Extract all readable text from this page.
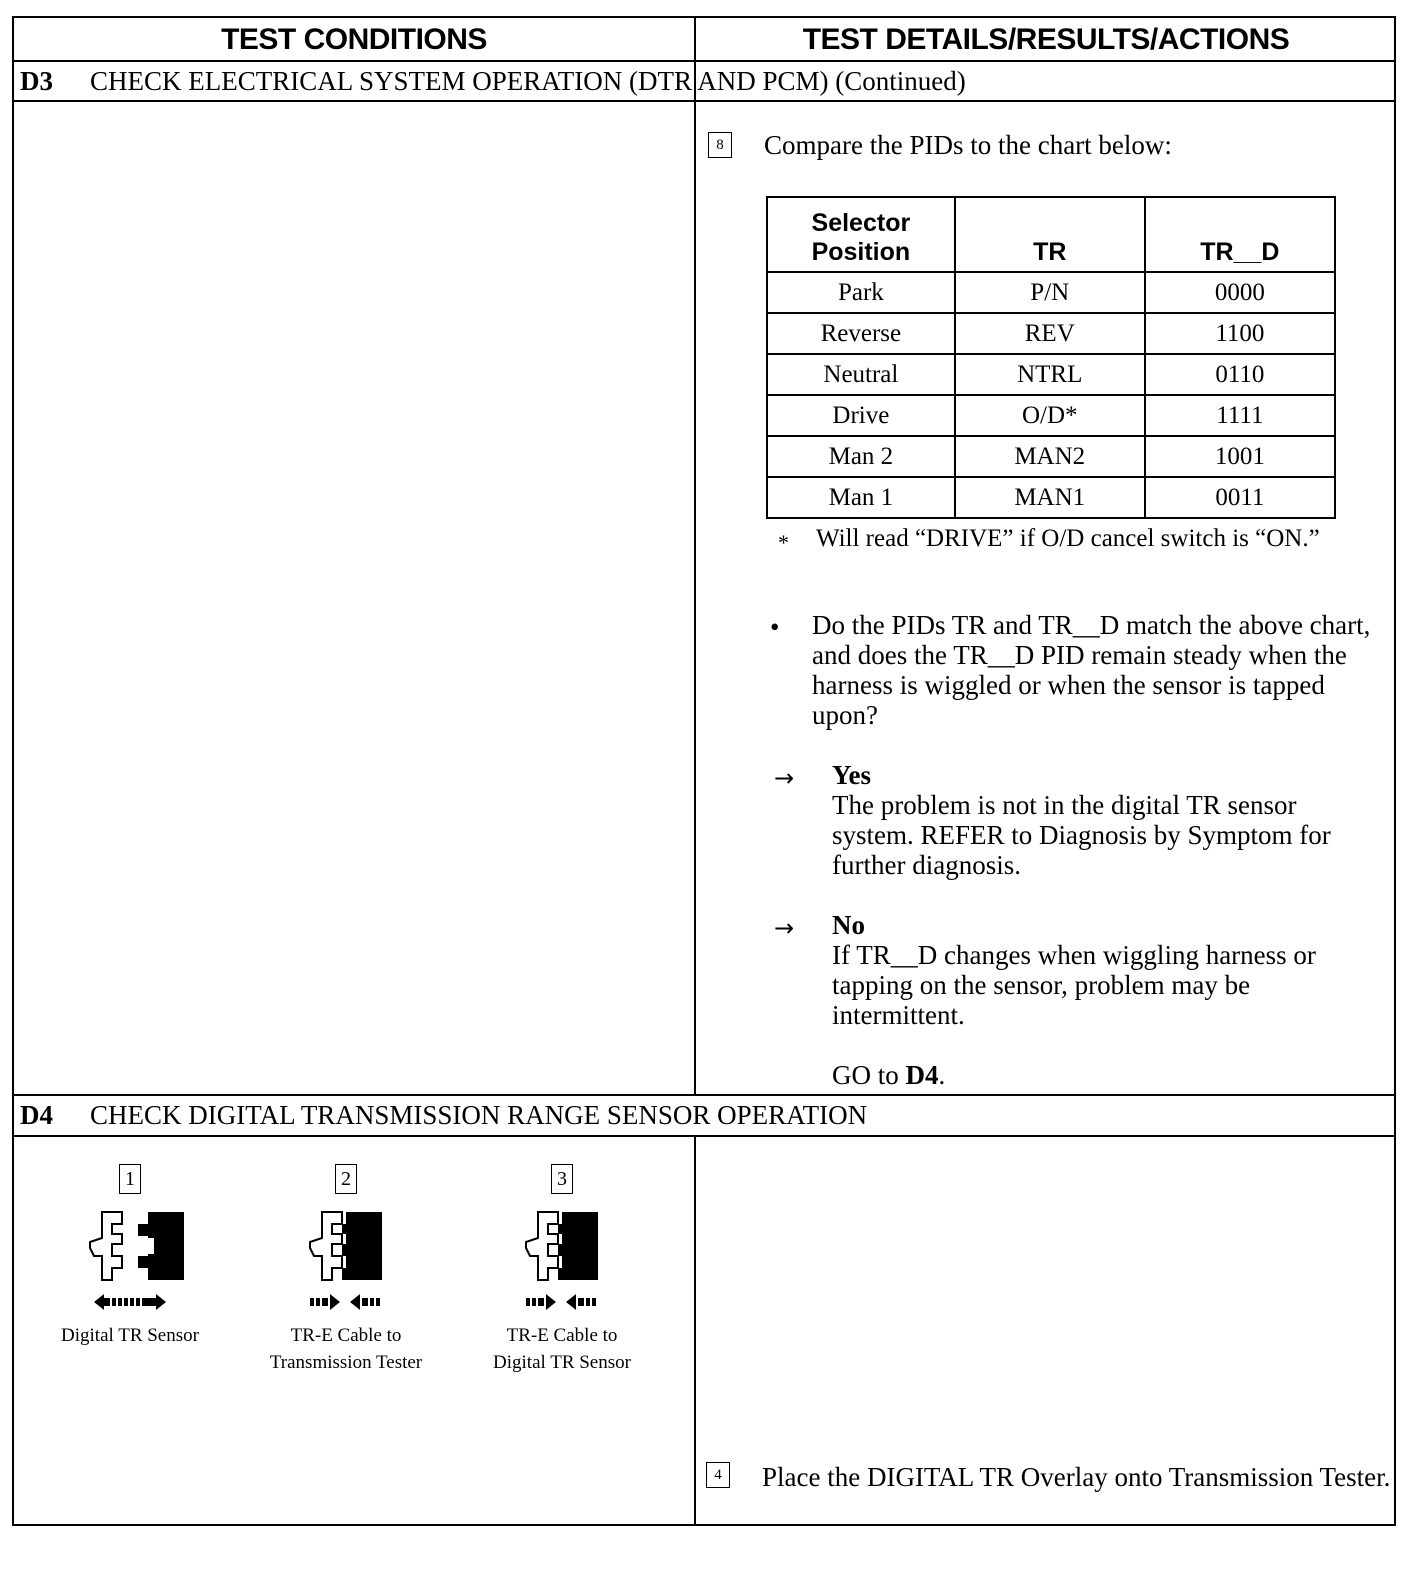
TEST CONDITIONS	TEST DETAILS/RESULTS/ACTIONS
D3	CHECK ELECTRICAL SYSTEM OPERATION (DTR AND PCM) (Continued)
8	Compare the PIDs to the chart below:
Selector Position	TR	TR__D
Park	P/N	0000
Reverse	REV	1100
Neutral	NTRL	0110
Drive	O/D*	1111
Man 2	MAN2	1001
Man 1	MAN1	0011
* Will read “DRIVE” if O/D cancel switch is “ON.”
• Do the PIDs TR and TR__D match the above chart, and does the TR__D PID remain steady when the harness is wiggled or when the sensor is tapped upon?
→ Yes
The problem is not in the digital TR sensor system. REFER to Diagnosis by Symptom for further diagnosis.
→ No
If TR__D changes when wiggling harness or tapping on the sensor, problem may be intermittent.
GO to D4.
D4	CHECK DIGITAL TRANSMISSION RANGE SENSOR OPERATION
1
Digital TR Sensor
2
TR-E Cable to
Transmission Tester
3
TR-E Cable to
Digital TR Sensor
4	Place the DIGITAL TR Overlay onto Transmission Tester.
